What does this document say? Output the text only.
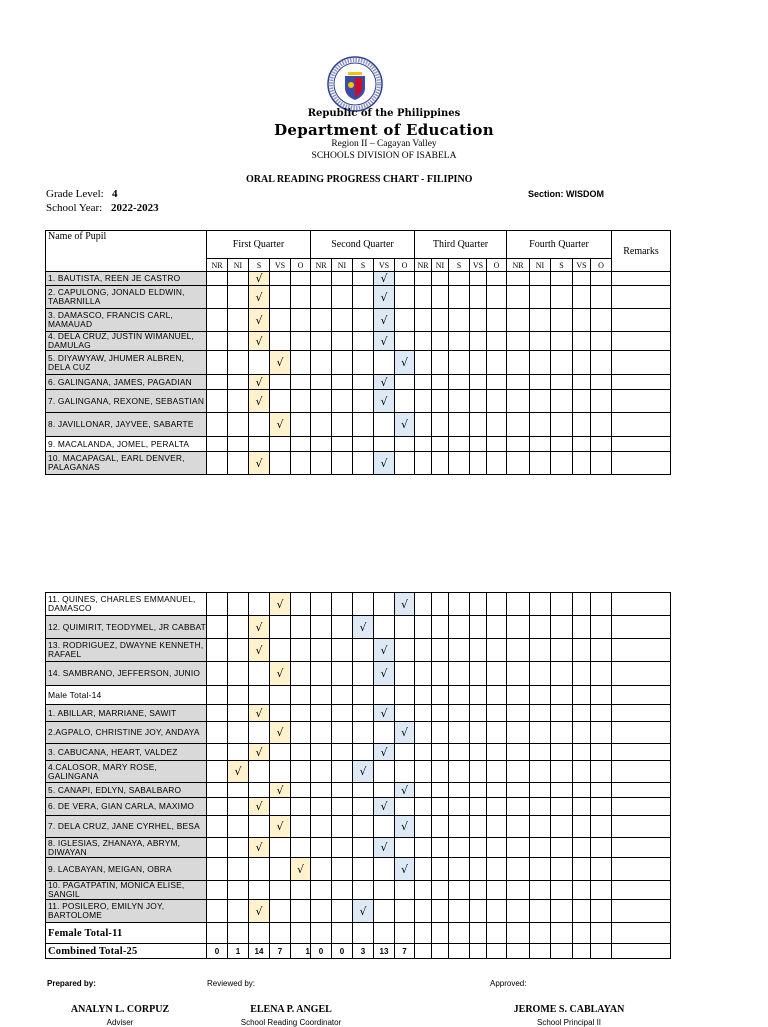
Republic of the Philippines
Department of Education
Region II – Cagayan Valley
SCHOOLS DIVISION OF ISABELA
ORAL READING PROGRESS CHART - FILIPINO
Grade Level: 4
School Year: 2022-2023
Section: WISDOM
Name of Pupil	First Quarter					Second Quarter					Third Quarter					Fourth Quarter					Remarks
	NR	NI	S	VS	O	NR	NI	S	VS	O	NR	NI	S	VS	O	NR	NI	S	VS	O	
1. BAUTISTA, REEN JE CASTRO			√						√												
2. CAPULONG, JONALD ELDWIN, TABARNILLA			√						√												
3. DAMASCO, FRANCIS CARL, MAMAUAD			√						√												
4. DELA CRUZ, JUSTIN WIMANUEL, DAMULAG			√						√												
5. DIYAWYAW, JHUMER ALBREN, DELA CUZ				√						√											
6. GALINGANA, JAMES, PAGADIAN			√						√												
7. GALINGANA, REXONE, SEBASTIAN			√						√												
8. JAVILLONAR, JAYVEE, SABARTE				√						√											
9. MACALANDA, JOMEL, PERALTA																					
10. MACAPAGAL, EARL DENVER, PALAGANAS			√						√												
11. QUINES, CHARLES EMMANUEL, DAMASCO				√						√											
12. QUIMIRIT, TEODYMEL, JR CABBAT			√					√													
13. RODRIGUEZ, DWAYNE KENNETH, RAFAEL			√						√												
14. SAMBRANO, JEFFERSON, JUNIO				√					√												
Male Total-14																					
1. ABILLAR, MARRIANE, SAWIT			√						√												
2.AGPALO, CHRISTINE JOY, ANDAYA				√						√											
3. CABUCANA, HEART, VALDEZ			√						√												
4.CALOSOR, MARY ROSE, GALINGANA		√						√													
5. CANAPI, EDLYN, SABALBARO				√						√											
6. DE VERA, GIAN CARLA, MAXIMO			√						√												
7. DELA CRUZ, JANE CYRHEL, BESA				√						√											
8. IGLESIAS, ZHANAYA, ABRYM, DIWAYAN			√						√												
9. LACBAYAN, MEIGAN, OBRA					√					√											
10. PAGATPATIN, MONICA ELISE, SANGIL																					
11. POSILERO, EMILYN JOY, BARTOLOME			√					√													
Female Total-11																					
Combined Total-25	0	1	14	7	1	0	0	3	13	7											
Prepared by:	Reviewed by:	Approved:
ANALYN L. CORPUZ
Adviser
ELENA P. ANGEL
School Reading Coordinator
JEROME S. CABLAYAN
School Principal II
